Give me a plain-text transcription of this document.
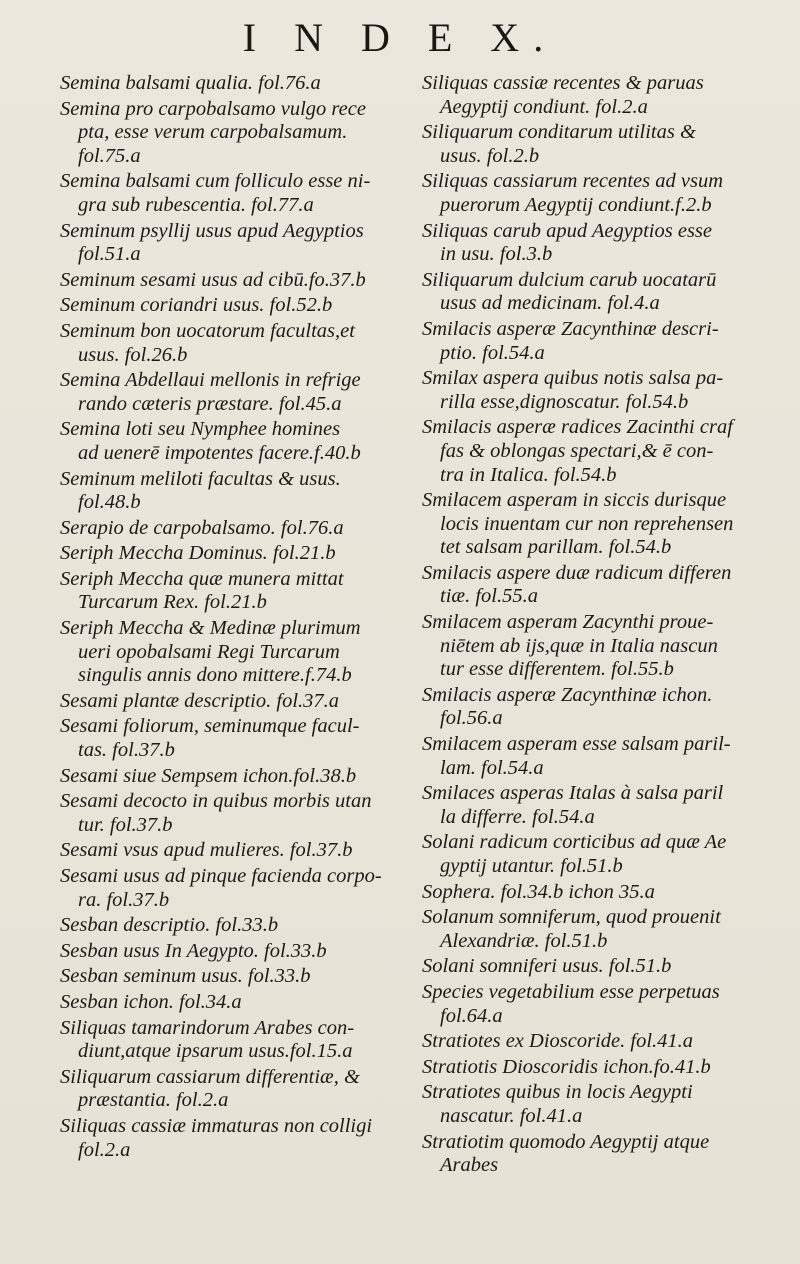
I N D E X.
Semina balsami qualia. fol.76.a
Semina pro carpobalsamo vulgo rece
pta, esse verum carpobalsamum.
fol.75.a
Semina balsami cum folliculo esse ni-
gra sub rubescentia. fol.77.a
Seminum psyllij usus apud Aegyptios
fol.51.a
Seminum sesami usus ad cibū.fo.37.b
Seminum coriandri usus. fol.52.b
Seminum bon uocatorum facultas,et
usus. fol.26.b
Semina Abdellaui mellonis in refrige
rando cæteris præstare. fol.45.a
Semina loti seu Nymphee homines
ad uenerē impotentes facere.f.40.b
Seminum meliloti facultas & usus.
fol.48.b
Serapio de carpobalsamo. fol.76.a
Seriph Meccha Dominus. fol.21.b
Seriph Meccha quæ munera mittat
Turcarum Rex. fol.21.b
Seriph Meccha & Medinæ plurimum
ueri opobalsami Regi Turcarum
singulis annis dono mittere.f.74.b
Sesami plantæ descriptio. fol.37.a
Sesami foliorum, seminumque facul-
tas. fol.37.b
Sesami siue Sempsem ichon.fol.38.b
Sesami decocto in quibus morbis utan
tur. fol.37.b
Sesami vsus apud mulieres. fol.37.b
Sesami usus ad pinque facienda corpo-
ra. fol.37.b
Sesban descriptio. fol.33.b
Sesban usus In Aegypto. fol.33.b
Sesban seminum usus. fol.33.b
Sesban ichon. fol.34.a
Siliquas tamarindorum Arabes con-
diunt,atque ipsarum usus.fol.15.a
Siliquarum cassiarum differentiæ, &
præstantia. fol.2.a
Siliquas cassiæ immaturas non colligi
fol.2.a
Siliquas cassiæ recentes & paruas
Aegyptij condiunt. fol.2.a
Siliquarum conditarum utilitas &
usus. fol.2.b
Siliquas cassiarum recentes ad vsum
puerorum Aegyptij condiunt.f.2.b
Siliquas carub apud Aegyptios esse
in usu. fol.3.b
Siliquarum dulcium carub uocatarū
usus ad medicinam. fol.4.a
Smilacis asperæ Zacynthinæ descri-
ptio. fol.54.a
Smilax aspera quibus notis salsa pa-
rilla esse,dignoscatur. fol.54.b
Smilacis asperæ radices Zacinthi craf
fas & oblongas spectari,& ē con-
tra in Italica. fol.54.b
Smilacem asperam in siccis durisque
locis inuentam cur non reprehensen
tet salsam parillam. fol.54.b
Smilacis aspere duæ radicum differen
tiæ. fol.55.a
Smilacem asperam Zacynthi proue-
niētem ab ijs,quæ in Italia nascun
tur esse differentem. fol.55.b
Smilacis asperæ Zacynthinæ ichon.
fol.56.a
Smilacem asperam esse salsam paril-
lam. fol.54.a
Smilaces asperas Italas à salsa paril
la differre. fol.54.a
Solani radicum corticibus ad quæ Ae
gyptij utantur. fol.51.b
Sophera. fol.34.b ichon 35.a
Solanum somniferum, quod prouenit
Alexandriæ. fol.51.b
Solani somniferi usus. fol.51.b
Species vegetabilium esse perpetuas
fol.64.a
Stratiotes ex Dioscoride. fol.41.a
Stratiotis Dioscoridis ichon.fo.41.b
Stratiotes quibus in locis Aegypti
nascatur. fol.41.a
Stratiotim quomodo Aegyptij atque
Arabes
